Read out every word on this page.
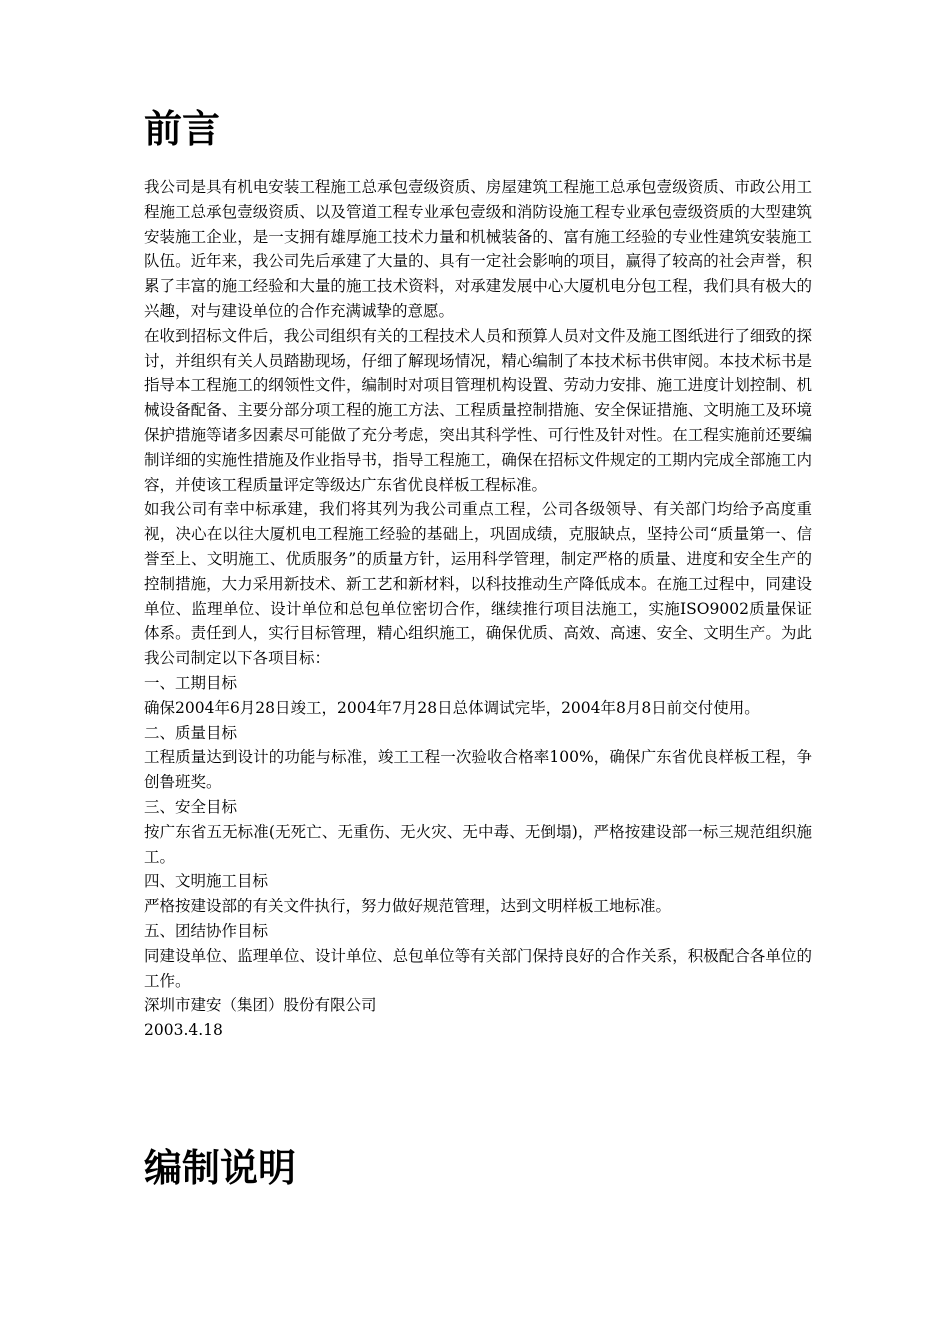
前言

我公司是具有机电安装工程施工总承包壹级资质、房屋建筑工程施工总承包壹级资质、市政公用工程施工总承包壹级资质、以及管道工程专业承包壹级和消防设施工程专业承包壹级资质的大型建筑安装施工企业，是一支拥有雄厚施工技术力量和机械装备的、富有施工经验的专业性建筑安装施工队伍。近年来，我公司先后承建了大量的、具有一定社会影响的项目，赢得了较高的社会声誉，积累了丰富的施工经验和大量的施工技术资料，对承建发展中心大厦机电分包工程，我们具有极大的兴趣，对与建设单位的合作充满诚挚的意愿。

在收到招标文件后，我公司组织有关的工程技术人员和预算人员对文件及施工图纸进行了细致的探讨，并组织有关人员踏勘现场，仔细了解现场情况，精心编制了本技术标书供审阅。本技术标书是指导本工程施工的纲领性文件，编制时对项目管理机构设置、劳动力安排、施工进度计划控制、机械设备配备、主要分部分项工程的施工方法、工程质量控制措施、安全保证措施、文明施工及环境保护措施等诸多因素尽可能做了充分考虑，突出其科学性、可行性及针对性。在工程实施前还要编制详细的实施性措施及作业指导书，指导工程施工，确保在招标文件规定的工期内完成全部施工内容，并使该工程质量评定等级达广东省优良样板工程标准。

如我公司有幸中标承建，我们将其列为我公司重点工程，公司各级领导、有关部门均给予高度重视，决心在以往大厦机电工程施工经验的基础上，巩固成绩，克服缺点，坚持公司“质量第一、信誉至上、文明施工、优质服务”的质量方针，运用科学管理，制定严格的质量、进度和安全生产的控制措施，大力采用新技术、新工艺和新材料，以科技推动生产降低成本。在施工过程中，同建设单位、监理单位、设计单位和总包单位密切合作，继续推行项目法施工，实施ISO9002质量保证体系。责任到人，实行目标管理，精心组织施工，确保优质、高效、高速、安全、文明生产。为此我公司制定以下各项目标：

一、工期目标

确保2004年6月28日竣工，2004年7月28日总体调试完毕，2004年8月8日前交付使用。

二、质量目标

工程质量达到设计的功能与标准，竣工工程一次验收合格率100%，确保广东省优良样板工程，争创鲁班奖。

三、安全目标

按广东省五无标准(无死亡、无重伤、无火灾、无中毒、无倒塌)，严格按建设部一标三规范组织施工。

四、文明施工目标

严格按建设部的有关文件执行，努力做好规范管理，达到文明样板工地标准。

五、团结协作目标

同建设单位、监理单位、设计单位、总包单位等有关部门保持良好的合作关系，积极配合各单位的工作。

深圳市建安（集团）股份有限公司

2003.4.18

编制说明
